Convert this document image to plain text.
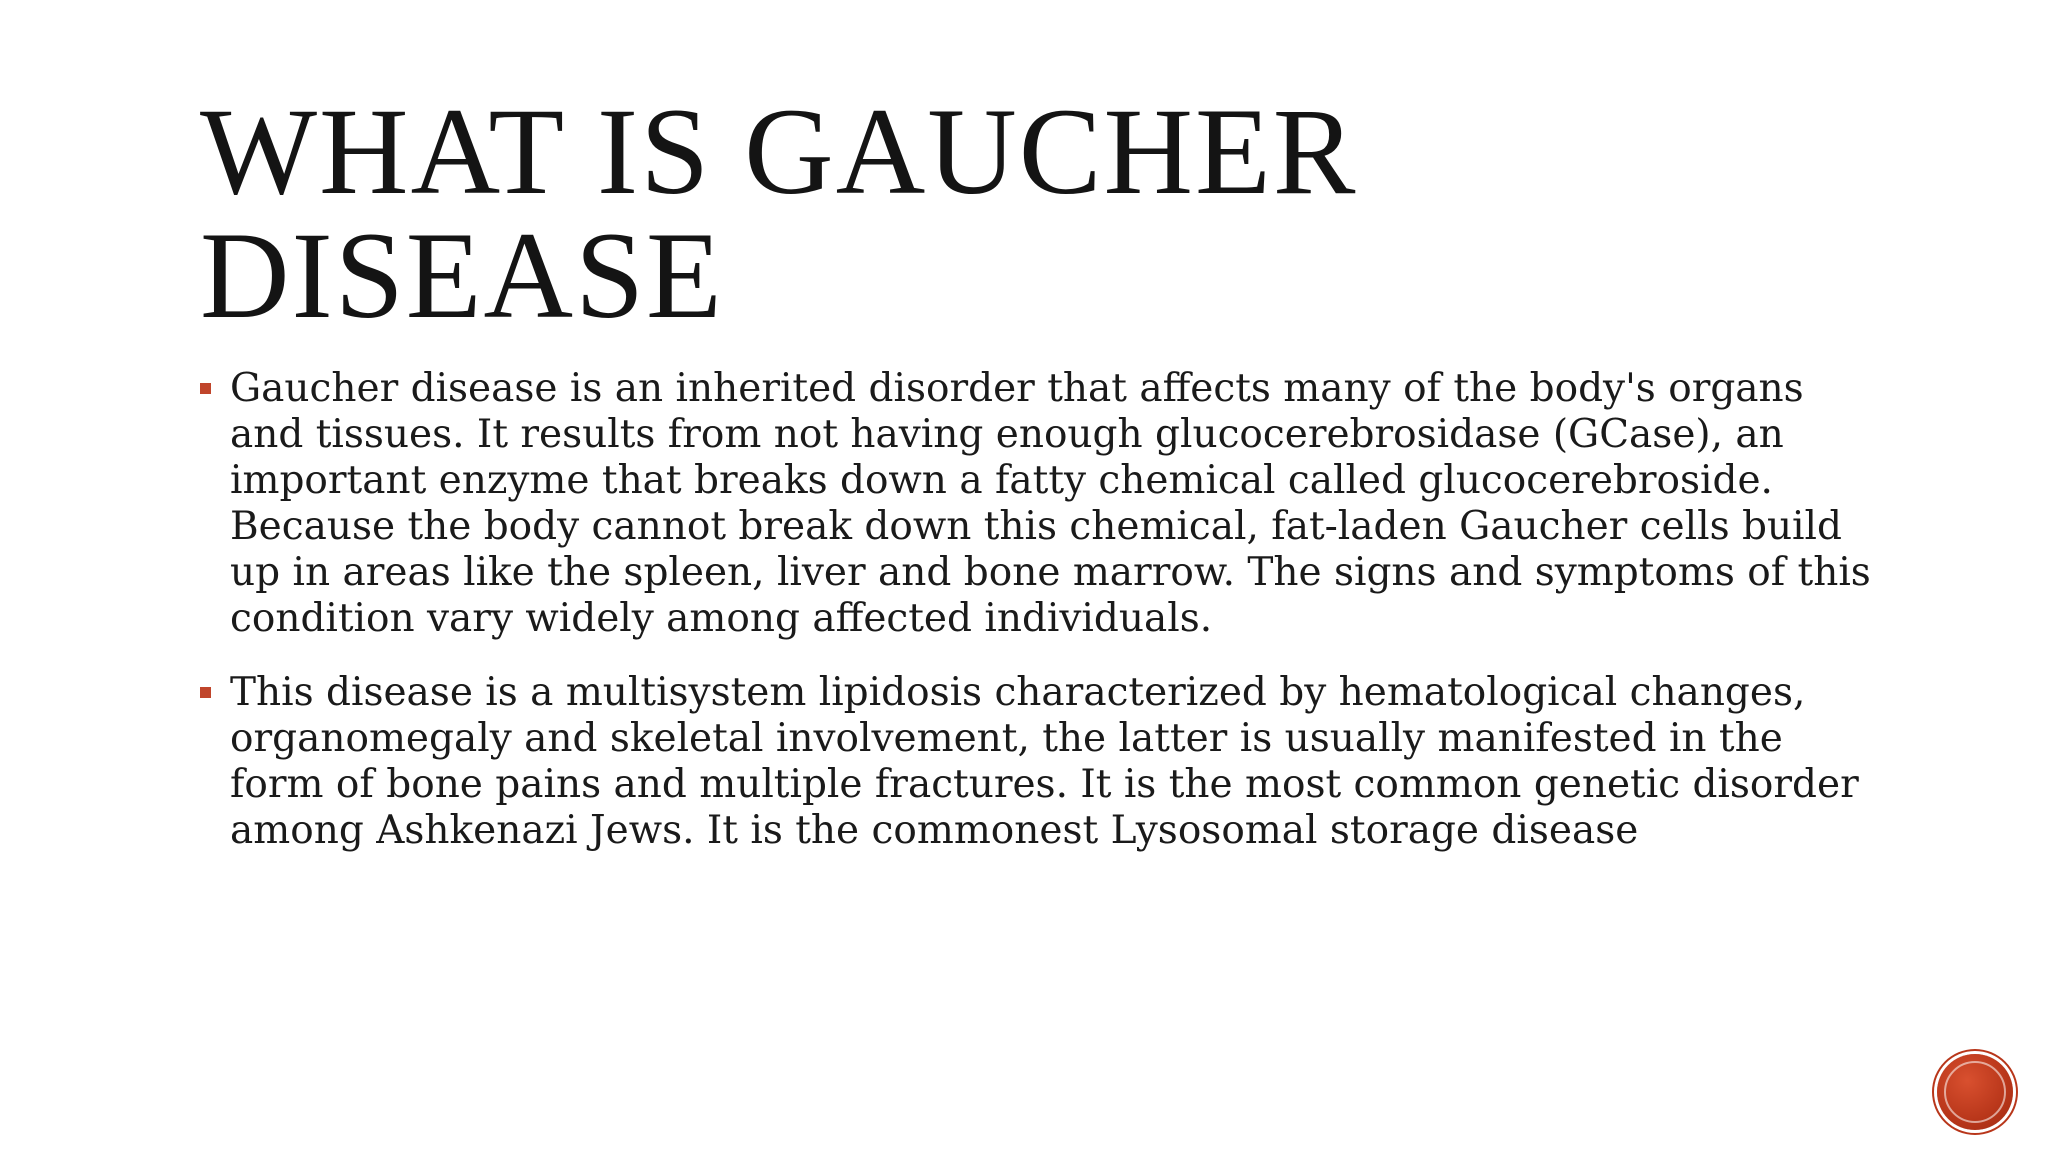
WHAT IS GAUCHER DISEASE
Gaucher disease is an inherited disorder that affects many of the body's organs and tissues. It results from not having enough glucocerebrosidase (GCase), an important enzyme that breaks down a fatty chemical called glucocerebroside. Because the body cannot break down this chemical, fat-laden Gaucher cells build up in areas like the spleen, liver and bone marrow. The signs and symptoms of this condition vary widely among affected individuals.
This disease is a multisystem lipidosis characterized by hematological changes, organomegaly and skeletal involvement, the latter is usually manifested in the form of bone pains and multiple fractures. It is the most common genetic disorder among Ashkenazi Jews. It is the commonest Lysosomal storage disease
